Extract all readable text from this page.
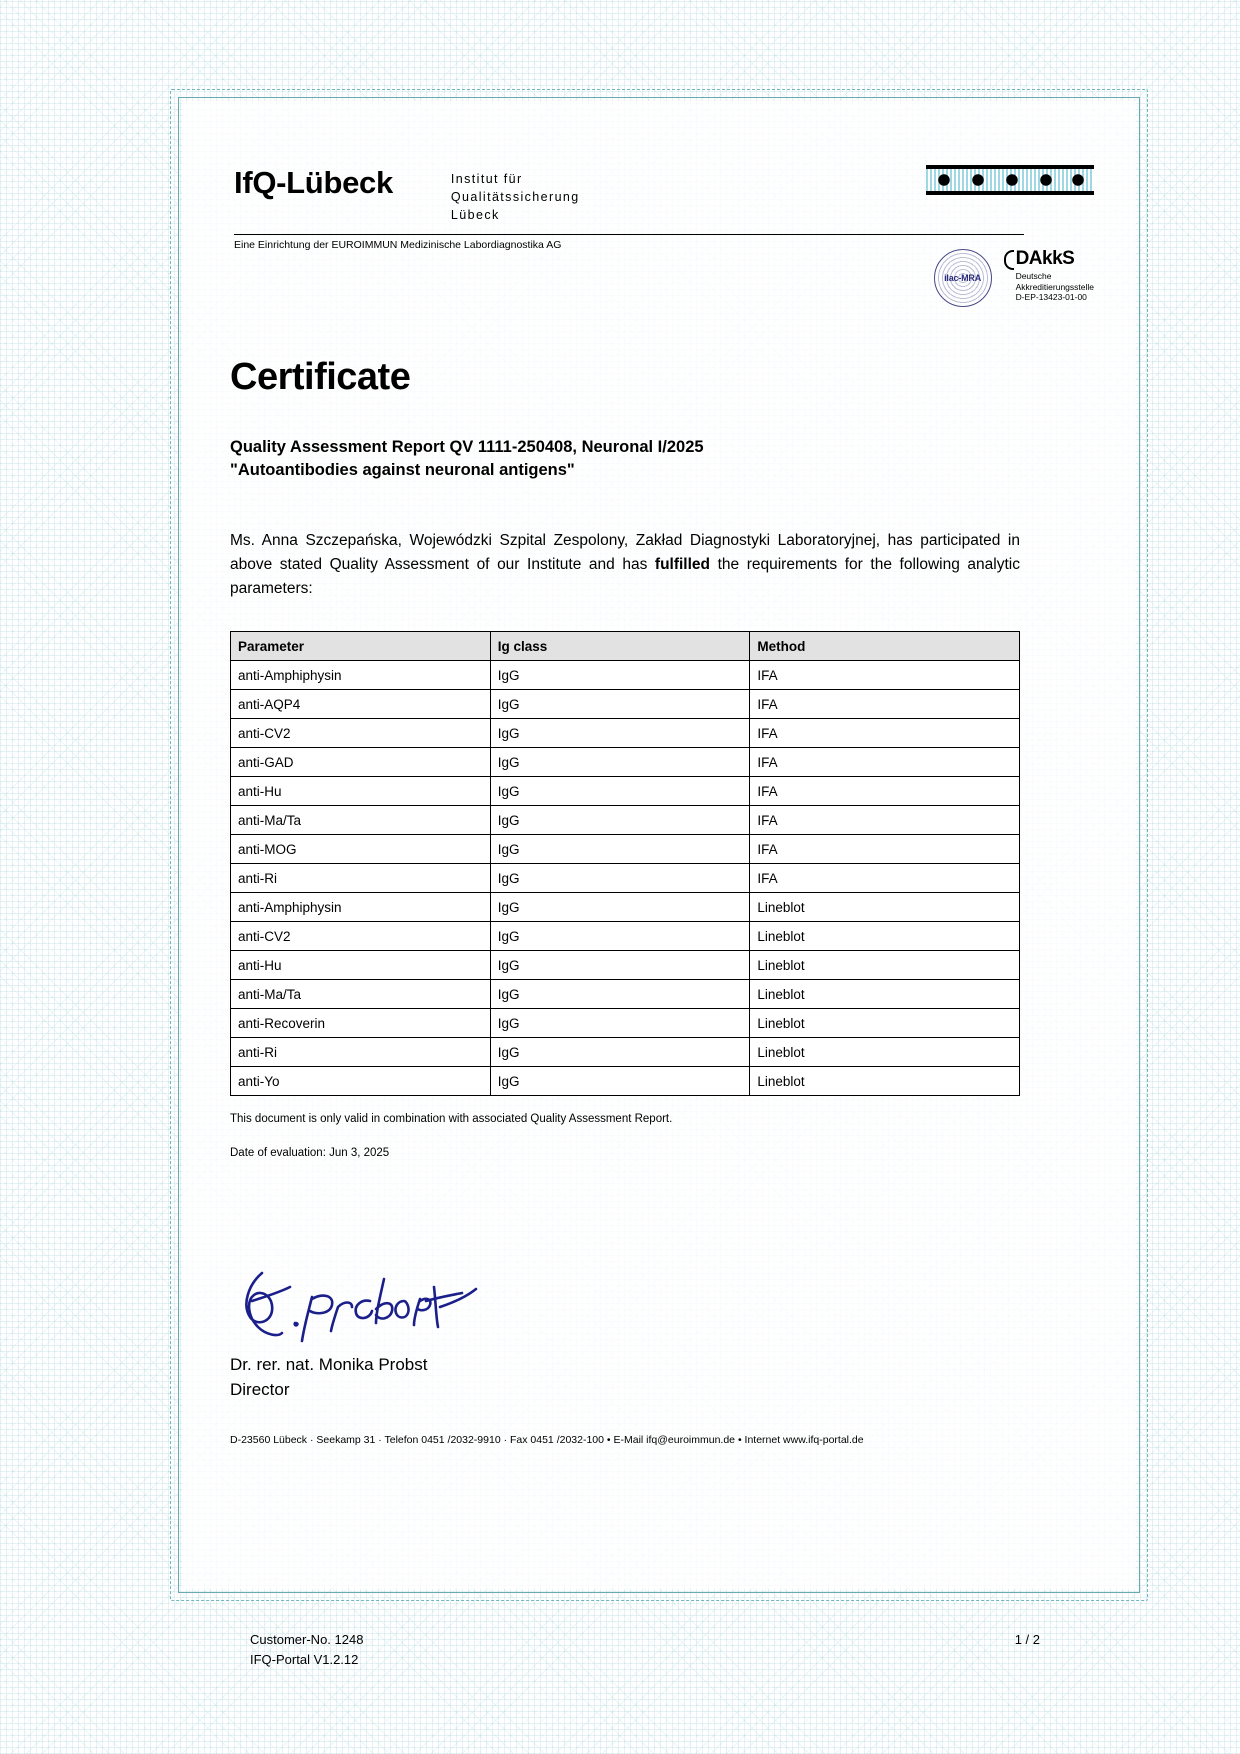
IfQ-Lübeck	Institut für
Qualitätssicherung
Lübeck
Eine Einrichtung der EUROIMMUN Medizinische Labordiagnostika AG
ilac-MRA
DAkkS
Deutsche
Akkreditierungsstelle
D-EP-13423-01-00
Certificate
Quality Assessment Report QV 1111-250408, Neuronal I/2025
"Autoantibodies against neuronal antigens"
Ms. Anna Szczepańska, Wojewódzki Szpital Zespolony, Zakład Diagnostyki Laboratoryjnej, has participated in above stated Quality Assessment of our Institute and has fulfilled the requirements for the following analytic parameters:
Parameter	Ig class	Method
anti-Amphiphysin	IgG	IFA
anti-AQP4	IgG	IFA
anti-CV2	IgG	IFA
anti-GAD	IgG	IFA
anti-Hu	IgG	IFA
anti-Ma/Ta	IgG	IFA
anti-MOG	IgG	IFA
anti-Ri	IgG	IFA
anti-Amphiphysin	IgG	Lineblot
anti-CV2	IgG	Lineblot
anti-Hu	IgG	Lineblot
anti-Ma/Ta	IgG	Lineblot
anti-Recoverin	IgG	Lineblot
anti-Ri	IgG	Lineblot
anti-Yo	IgG	Lineblot
This document is only valid in combination with associated Quality Assessment Report.
Date of evaluation: Jun 3, 2025
Dr. rer. nat. Monika Probst
Director
D-23560 Lübeck · Seekamp 31 · Telefon 0451 /2032-9910 · Fax 0451 /2032-100 • E-Mail ifq@euroimmun.de • Internet www.ifq-portal.de
Customer-No. 1248
IFQ-Portal V1.2.12
1 / 2
